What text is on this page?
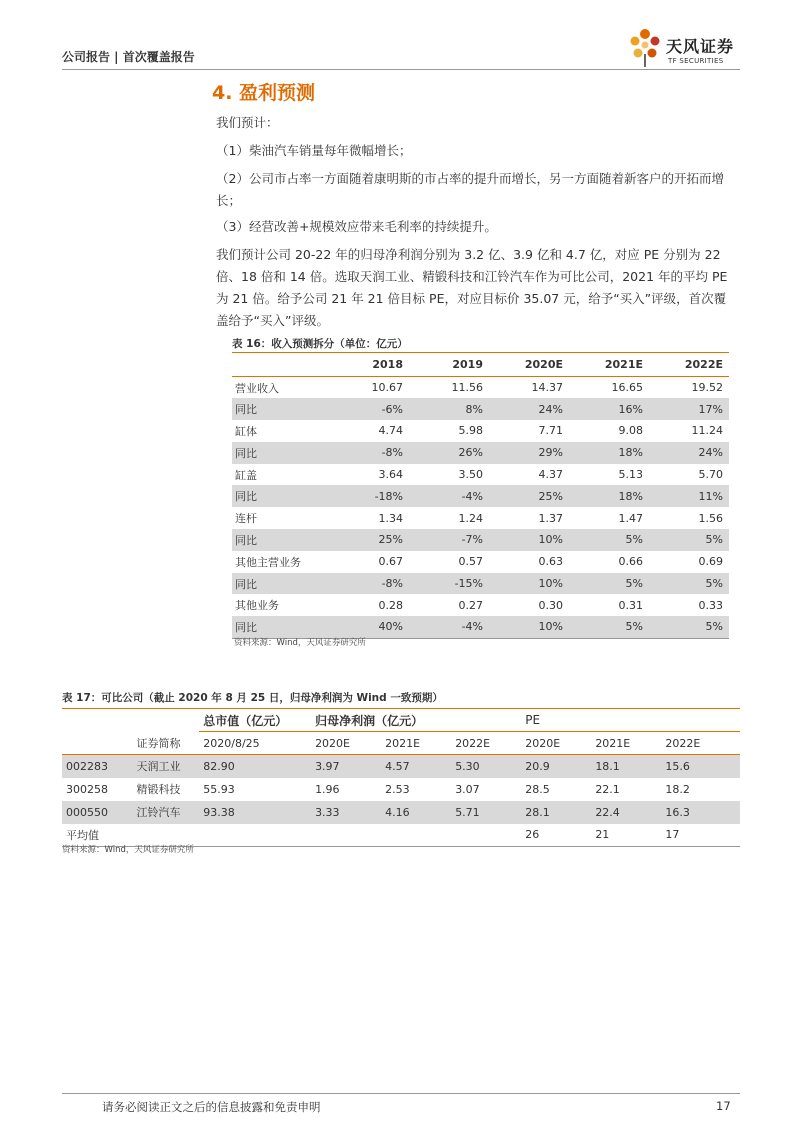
公司报告 | 首次覆盖报告
天风证券
TF SECURITIES
4. 盈利预测
我们预计：
（1）柴油汽车销量每年微幅增长；
（2）公司市占率一方面随着康明斯的市占率的提升而增长，另一方面随着新客户的开拓而增长；
（3）经营改善+规模效应带来毛利率的持续提升。
我们预计公司 20-22 年的归母净利润分别为 3.2 亿、3.9 亿和 4.7 亿，对应 PE 分别为 22 倍、18 倍和 14 倍。选取天润工业、精锻科技和江铃汽车作为可比公司，2021 年的平均 PE 为 21 倍。给予公司 21 年 21 倍目标 PE，对应目标价 35.07 元，给予“买入”评级，首次覆盖给予“买入”评级。
表 16：收入预测拆分（单位：亿元）
	2018	2019	2020E	2021E	2022E
营业收入	10.67	11.56	14.37	16.65	19.52
同比	-6%	8%	24%	16%	17%
缸体	4.74	5.98	7.71	9.08	11.24
同比	-8%	26%	29%	18%	24%
缸盖	3.64	3.50	4.37	5.13	5.70
同比	-18%	-4%	25%	18%	11%
连杆	1.34	1.24	1.37	1.47	1.56
同比	25%	-7%	10%	5%	5%
其他主营业务	0.67	0.57	0.63	0.66	0.69
同比	-8%	-15%	10%	5%	5%
其他业务	0.28	0.27	0.30	0.31	0.33
同比	40%	-4%	10%	5%	5%
资料来源：Wind，天风证券研究所
表 17：可比公司（截止 2020 年 8 月 25 日，归母净利润为 Wind 一致预期）
		总市值（亿元）	归母净利润（亿元）			PE		
	证券简称	2020/8/25	2020E	2021E	2022E	2020E	2021E	2022E
002283	天润工业	82.90	3.97	4.57	5.30	20.9	18.1	15.6
300258	精锻科技	55.93	1.96	2.53	3.07	28.5	22.1	18.2
000550	江铃汽车	93.38	3.33	4.16	5.71	28.1	22.4	16.3
平均值						26	21	17
资料来源：Wind，天风证券研究所
请务必阅读正文之后的信息披露和免责申明	17
